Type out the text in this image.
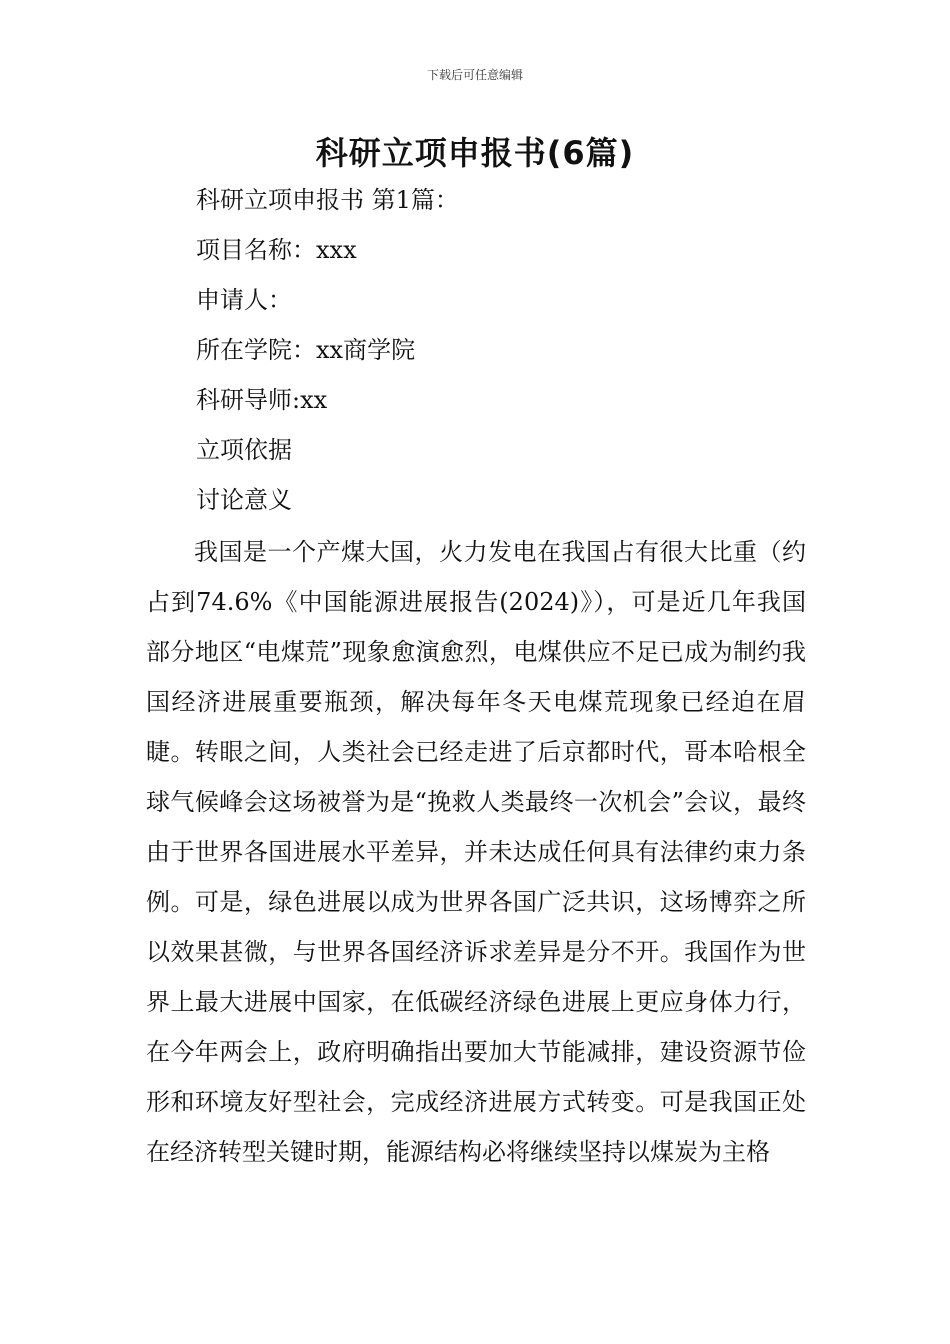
下载后可任意编辑
科研立项申报书(6篇)
科研立项申报书 第1篇：
项目名称：xxx
申请人：
所在学院：xx商学院
科研导师:xx
立项依据
讨论意义

我国是一个产煤大国，火力发电在我国占有很大比重（约占到74.6%《中国能源进展报告(2024)》），可是近几年我国部分地区“电煤荒”现象愈演愈烈，电煤供应不足已成为制约我国经济进展重要瓶颈，解决每年冬天电煤荒现象已经迫在眉睫。转眼之间，人类社会已经走进了后京都时代，哥本哈根全球气候峰会这场被誉为是“挽救人类最终一次机会”会议，最终由于世界各国进展水平差异，并未达成任何具有法律约束力条例。可是，绿色进展以成为世界各国广泛共识，这场博弈之所以效果甚微，与世界各国经济诉求差异是分不开。我国作为世界上最大进展中国家，在低碳经济绿色进展上更应身体力行，在今年两会上，政府明确指出要加大节能减排，建设资源节俭形和环境友好型社会，完成经济进展方式转变。可是我国正处在经济转型关键时期，能源结构必将继续坚持以煤炭为主格
